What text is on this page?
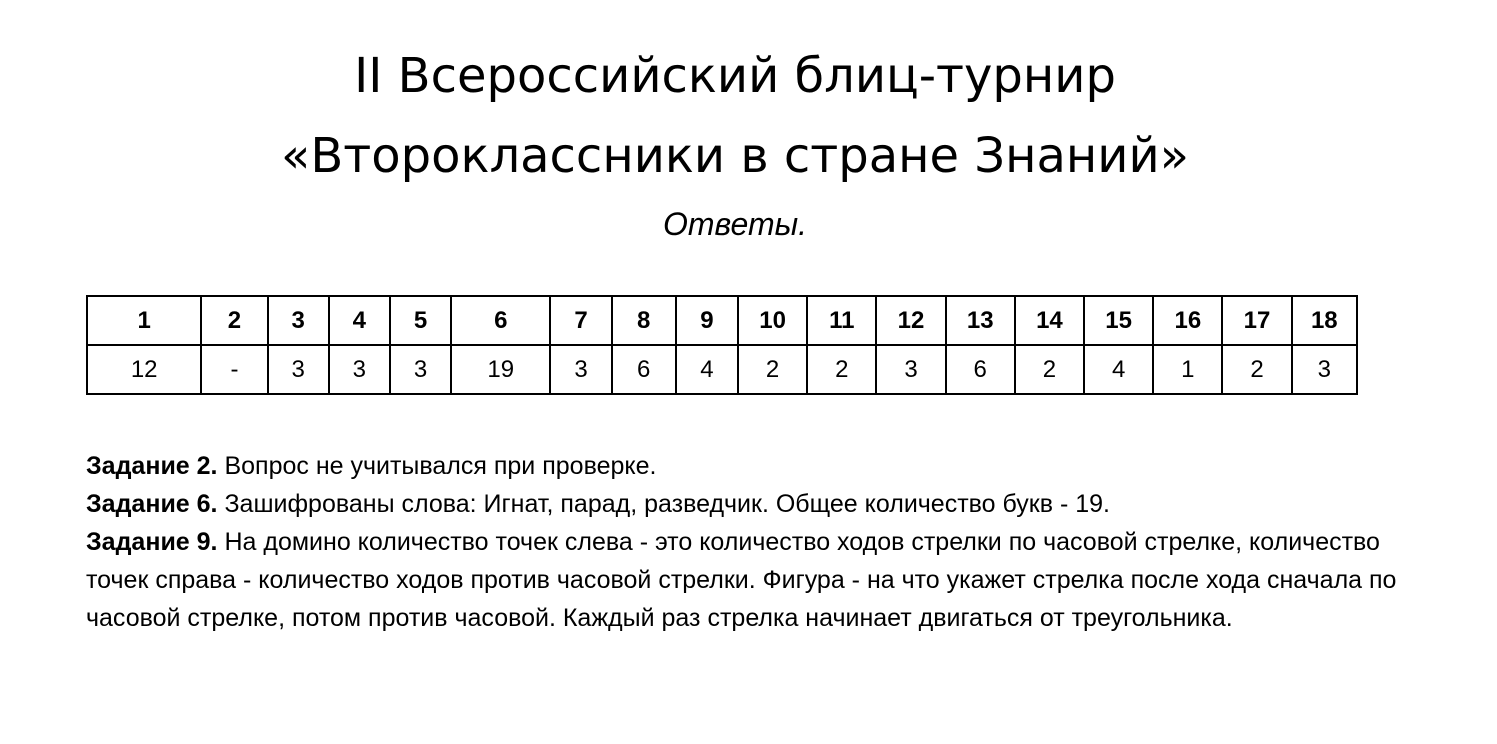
II Всероссийский блиц-турнир
«Второклассники в стране Знаний»
Ответы.
1	2	3	4	5	6	7	8	9	10	11	12	13	14	15	16	17	18
12	-	3	3	3	19	3	6	4	2	2	3	6	2	4	1	2	3

Задание 2. Вопрос не учитывался при проверке.

Задание 6. Зашифрованы слова: Игнат, парад, разведчик. Общее количество букв - 19.

Задание 9. На домино количество точек слева - это количество ходов стрелки по часовой стрелке, количество точек справа - количество ходов против часовой стрелки. Фигура - на что укажет стрелка после хода сначала по часовой стрелке, потом против часовой. Каждый раз стрелка начинает двигаться от треугольника.
